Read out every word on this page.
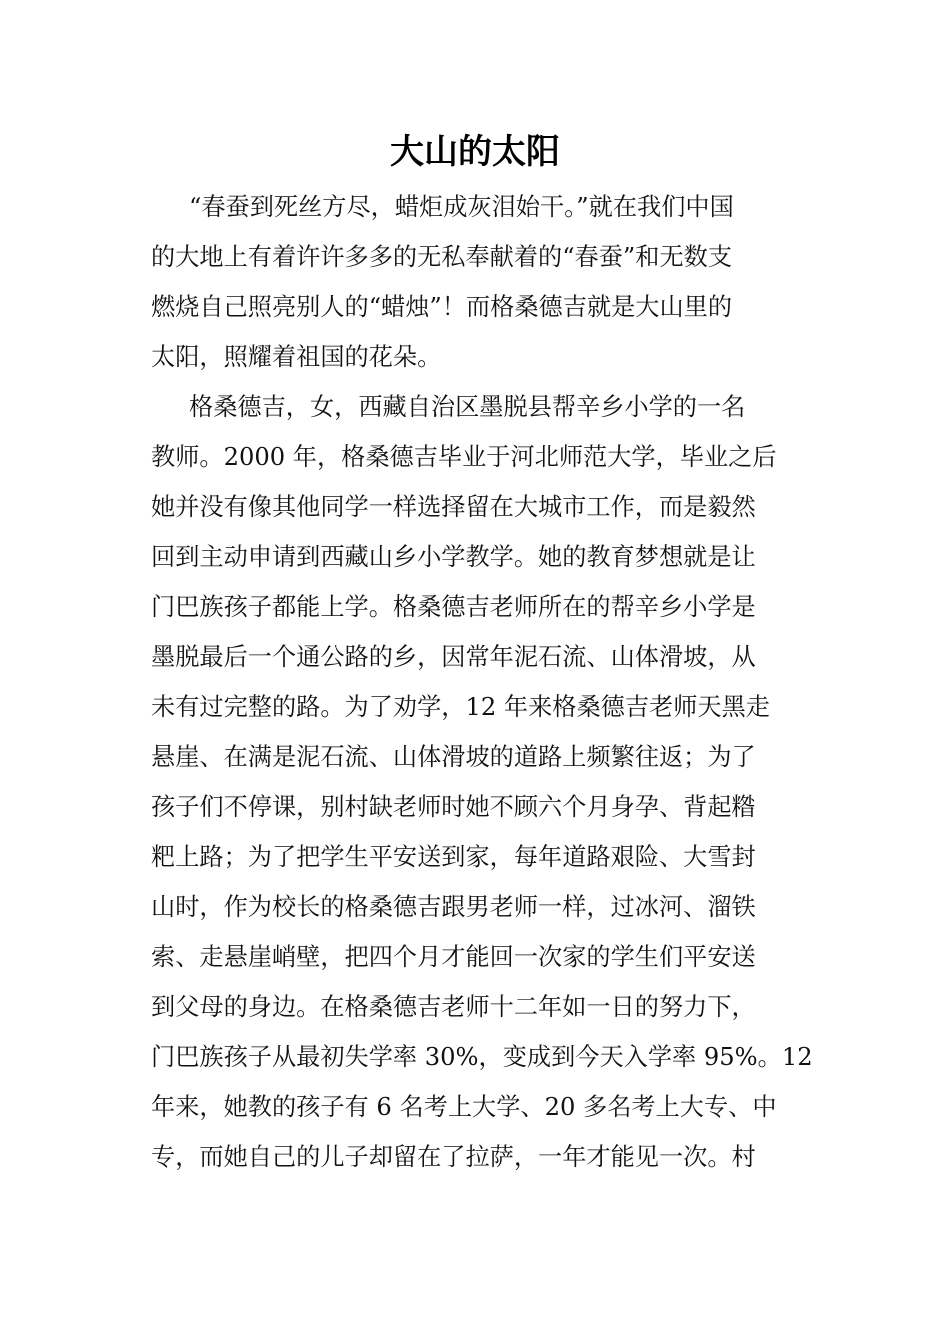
大山的太阳
“春蚕到死丝方尽，蜡炬成灰泪始干。”就在我们中国
的大地上有着许许多多的无私奉献着的“春蚕”和无数支
燃烧自己照亮别人的“蜡烛”！而格桑德吉就是大山里的
太阳，照耀着祖国的花朵。
格桑德吉，女，西藏自治区墨脱县帮辛乡小学的一名
教师。2000 年，格桑德吉毕业于河北师范大学，毕业之后
她并没有像其他同学一样选择留在大城市工作，而是毅然
回到主动申请到西藏山乡小学教学。她的教育梦想就是让
门巴族孩子都能上学。格桑德吉老师所在的帮辛乡小学是
墨脱最后一个通公路的乡，因常年泥石流、山体滑坡，从
未有过完整的路。为了劝学，12 年来格桑德吉老师天黑走
悬崖、在满是泥石流、山体滑坡的道路上频繁往返；为了
孩子们不停课，别村缺老师时她不顾六个月身孕、背起糌
粑上路；为了把学生平安送到家，每年道路艰险、大雪封
山时，作为校长的格桑德吉跟男老师一样，过冰河、溜铁
索、走悬崖峭壁，把四个月才能回一次家的学生们平安送
到父母的身边。在格桑德吉老师十二年如一日的努力下，
门巴族孩子从最初失学率 30%，变成到今天入学率 95%。12
年来，她教的孩子有 6 名考上大学、20 多名考上大专、中
专，而她自己的儿子却留在了拉萨，一年才能见一次。村
